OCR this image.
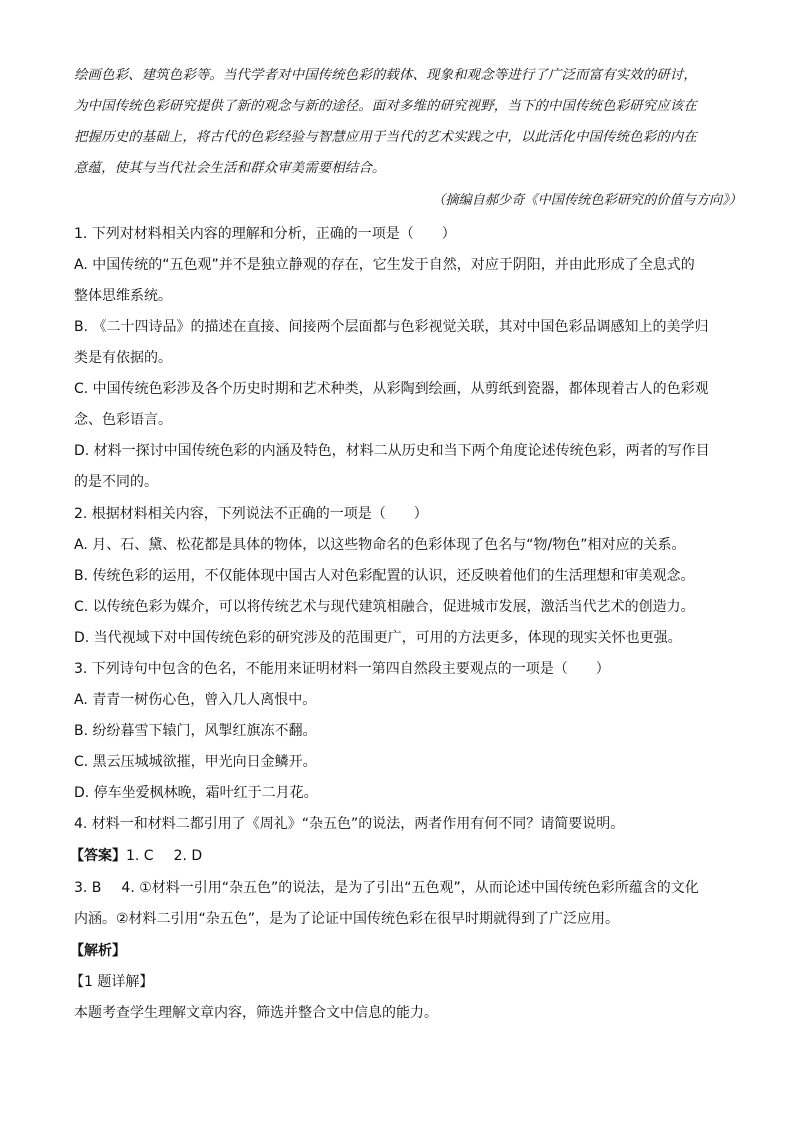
绘画色彩、建筑色彩等。当代学者对中国传统色彩的载体、现象和观念等进行了广泛而富有实效的研讨，
为中国传统色彩研究提供了新的观念与新的途径。面对多维的研究视野，当下的中国传统色彩研究应该在
把握历史的基础上，将古代的色彩经验与智慧应用于当代的艺术实践之中，以此活化中国传统色彩的内在
意蕴，使其与当代社会生活和群众审美需要相结合。
（摘编自郝少奇《中国传统色彩研究的价值与方向》）
1. 下列对材料相关内容的理解和分析，正确的一项是（　　）
A. 中国传统的“五色观”并不是独立静观的存在，它生发于自然，对应于阴阳，并由此形成了全息式的
整体思维系统。
B. 《二十四诗品》的描述在直接、间接两个层面都与色彩视觉关联，其对中国色彩品调感知上的美学归
类是有依据的。
C. 中国传统色彩涉及各个历史时期和艺术种类，从彩陶到绘画，从剪纸到瓷器，都体现着古人的色彩观
念、色彩语言。
D. 材料一探讨中国传统色彩的内涵及特色，材料二从历史和当下两个角度论述传统色彩，两者的写作目
的是不同的。
2. 根据材料相关内容，下列说法不正确的一项是（　　）
A. 月、石、黛、松花都是具体的物体，以这些物命名的色彩体现了色名与“物/物色”相对应的关系。
B. 传统色彩的运用，不仅能体现中国古人对色彩配置的认识，还反映着他们的生活理想和审美观念。
C. 以传统色彩为媒介，可以将传统艺术与现代建筑相融合，促进城市发展，激活当代艺术的创造力。
D. 当代视域下对中国传统色彩的研究涉及的范围更广，可用的方法更多，体现的现实关怀也更强。
3. 下列诗句中包含的色名，不能用来证明材料一第四自然段主要观点的一项是（　　）
A. 青青一树伤心色，曾入几人离恨中。
B. 纷纷暮雪下辕门，风掣红旗冻不翻。
C. 黑云压城城欲摧，甲光向日金鳞开。
D. 停车坐爱枫林晚，霜叶红于二月花。
4. 材料一和材料二都引用了《周礼》“杂五色”的说法，两者作用有何不同？请简要说明。
【答案】1. C 2. D
3. B 4. ①材料一引用“杂五色”的说法，是为了引出“五色观”，从而论述中国传统色彩所蕴含的文化
内涵。②材料二引用“杂五色”，是为了论证中国传统色彩在很早时期就得到了广泛应用。
【解析】
【1 题详解】
本题考查学生理解文章内容，筛选并整合文中信息的能力。
